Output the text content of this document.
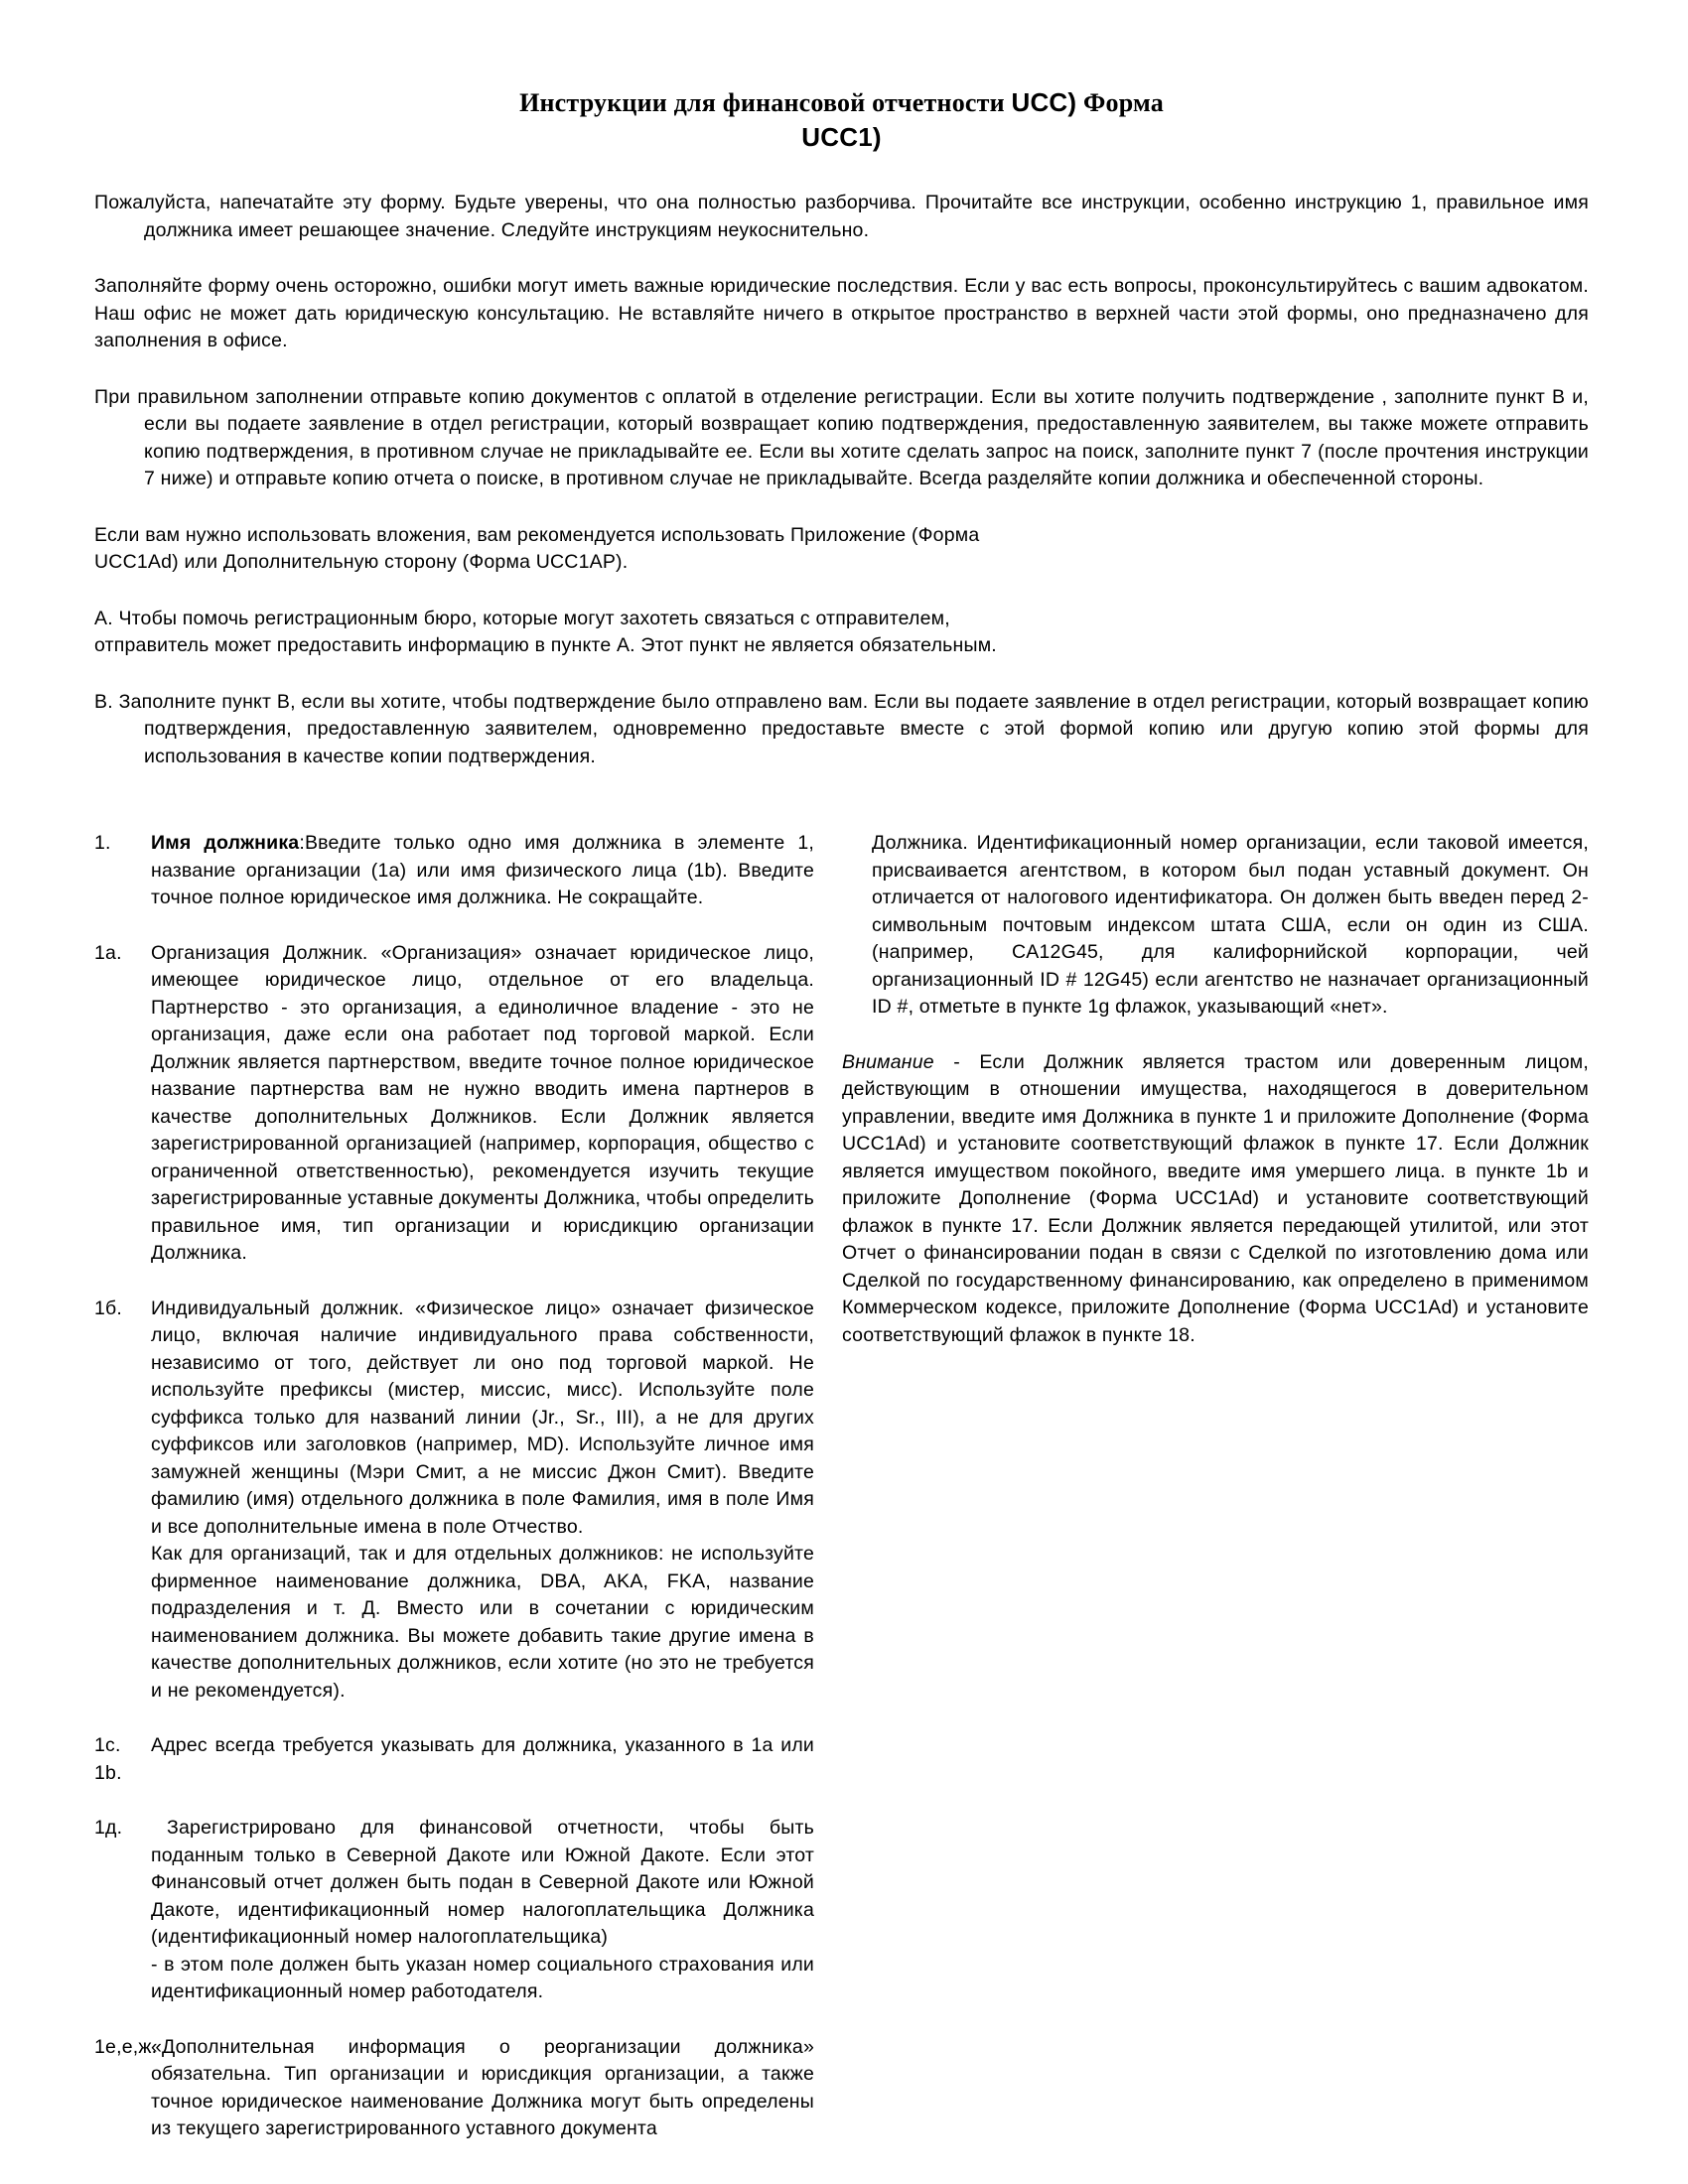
Инструкции для финансовой отчетности UCC) Форма
UCC1)

Пожалуйста, напечатайте эту форму. Будьте уверены, что она полностью разборчива. Прочитайте все инструкции, особенно инструкцию 1, правильное имя должника имеет решающее значение. Следуйте инструкциям неукоснительно.

Заполняйте форму очень осторожно, ошибки могут иметь важные юридические последствия. Если у вас есть вопросы, проконсультируйтесь с вашим адвокатом. Наш офис не может дать юридическую консультацию. Не вставляйте ничего в открытое пространство в верхней части этой формы, оно предназначено для заполнения в офисе.

При правильном заполнении отправьте копию документов с оплатой в отделение регистрации. Если вы хотите получить подтверждение , заполните пункт В и, если вы подаете заявление в отдел регистрации, который возвращает копию подтверждения, предоставленную заявителем, вы также можете отправить копию подтверждения, в противном случае не прикладывайте ее. Если вы хотите сделать запрос на поиск, заполните пункт 7 (после прочтения инструкции 7 ниже) и отправьте копию отчета о поиске, в противном случае не прикладывайте. Всегда разделяйте копии должника и обеспеченной стороны.

Если вам нужно использовать вложения, вам рекомендуется использовать Приложение (Форма UCC1Ad) или Дополнительную сторону (Форма UCC1AP).

А. Чтобы помочь регистрационным бюро, которые могут захотеть связаться с отправителем, отправитель может предоставить информацию в пункте А. Этот пункт не является обязательным.

В. Заполните пункт В, если вы хотите, чтобы подтверждение было отправлено вам. Если вы подаете заявление в отдел регистрации, который возвращает копию подтверждения, предоставленную заявителем, одновременно предоставьте вместе с этой формой копию или другую копию этой формы для использования в качестве копии подтверждения.

1.	Имя должника:Введите только одно имя должника в элементе 1, название организации (1a) или имя физического лица (1b). Введите точное полное юридическое имя должника. Не сокращайте.

1a.	Организация Должник. «Организация» означает юридическое лицо, имеющее юридическое лицо, отдельное от его владельца. Партнерство - это организация, а единоличное владение - это не организация, даже если она работает под торговой маркой. Если Должник является партнерством, введите точное полное юридическое название партнерства вам не нужно вводить имена партнеров в качестве дополнительных Должников. Если Должник является зарегистрированной организацией (например, корпорация, общество с ограниченной ответственностью), рекомендуется изучить текущие зарегистрированные уставные документы Должника, чтобы определить правильное имя, тип организации и юрисдикцию организации Должника.

1б.	Индивидуальный должник. «Физическое лицо» означает физическое лицо, включая наличие индивидуального права собственности, независимо от того, действует ли оно под торговой маркой. Не используйте префиксы (мистер, миссис, мисс). Используйте поле суффикса только для названий линии (Jr., Sr., III), а не для других суффиксов или заголовков (например, MD). Используйте личное имя замужней женщины (Мэри Смит, а не миссис Джон Смит). Введите фамилию (имя) отдельного должника в поле Фамилия, имя в поле Имя и все дополнительные имена в поле Отчество.

Как для организаций, так и для отдельных должников: не используйте фирменное наименование должника, DBA, AKA, FKA, название подразделения и т. Д. Вместо или в сочетании с юридическим наименованием должника. Вы можете добавить такие другие имена в качестве дополнительных должников, если хотите (но это не требуется и не рекомендуется).

1c. Адрес всегда требуется указывать для должника, указанного в 1а или 1b.

1д.	Зарегистрировано для финансовой отчетности, чтобы быть поданным только в Северной Дакоте или Южной Дакоте. Если этот Финансовый отчет должен быть подан в Северной Дакоте или Южной Дакоте, идентификационный номер налогоплательщика Должника (идентификационный номер налогоплательщика)

- в этом поле должен быть указан номер социального страхования или идентификационный номер работодателя.

1е,е,ж.

«Дополнительная информация о реорганизации должника» обязательна. Тип организации и юрисдикция организации, а также точное юридическое наименование Должника могут быть определены из текущего зарегистрированного уставного документа

Должника. Идентификационный номер организации, если таковой имеется, присваивается агентством, в котором был подан уставный документ. Он отличается от налогового идентификатора. Он должен быть введен перед 2-символьным почтовым индексом штата США, если он один из США. (например, CA12G45, для калифорнийской корпорации, чей организационный ID # 12G45) если агентство не назначает организационный ID #, отметьте в пункте 1g флажок, указывающий «нет».

Внимание - Если Должник является трастом или доверенным лицом, действующим в отношении имущества, находящегося в доверительном управлении, введите имя Должника в пункте 1 и приложите Дополнение (Форма UCC1Ad) и установите соответствующий флажок в пункте 17. Если Должник является имуществом покойного, введите имя умершего лица. в пункте 1b и приложите Дополнение (Форма UCC1Ad) и установите соответствующий флажок в пункте 17. Если Должник является передающей утилитой, или этот Отчет о финансировании подан в связи с Сделкой по изготовлению дома или Сделкой по государственному финансированию, как определено в применимом Коммерческом кодексе, приложите Дополнение (Форма UCC1Ad) и установите соответствующий флажок в пункте 18.
